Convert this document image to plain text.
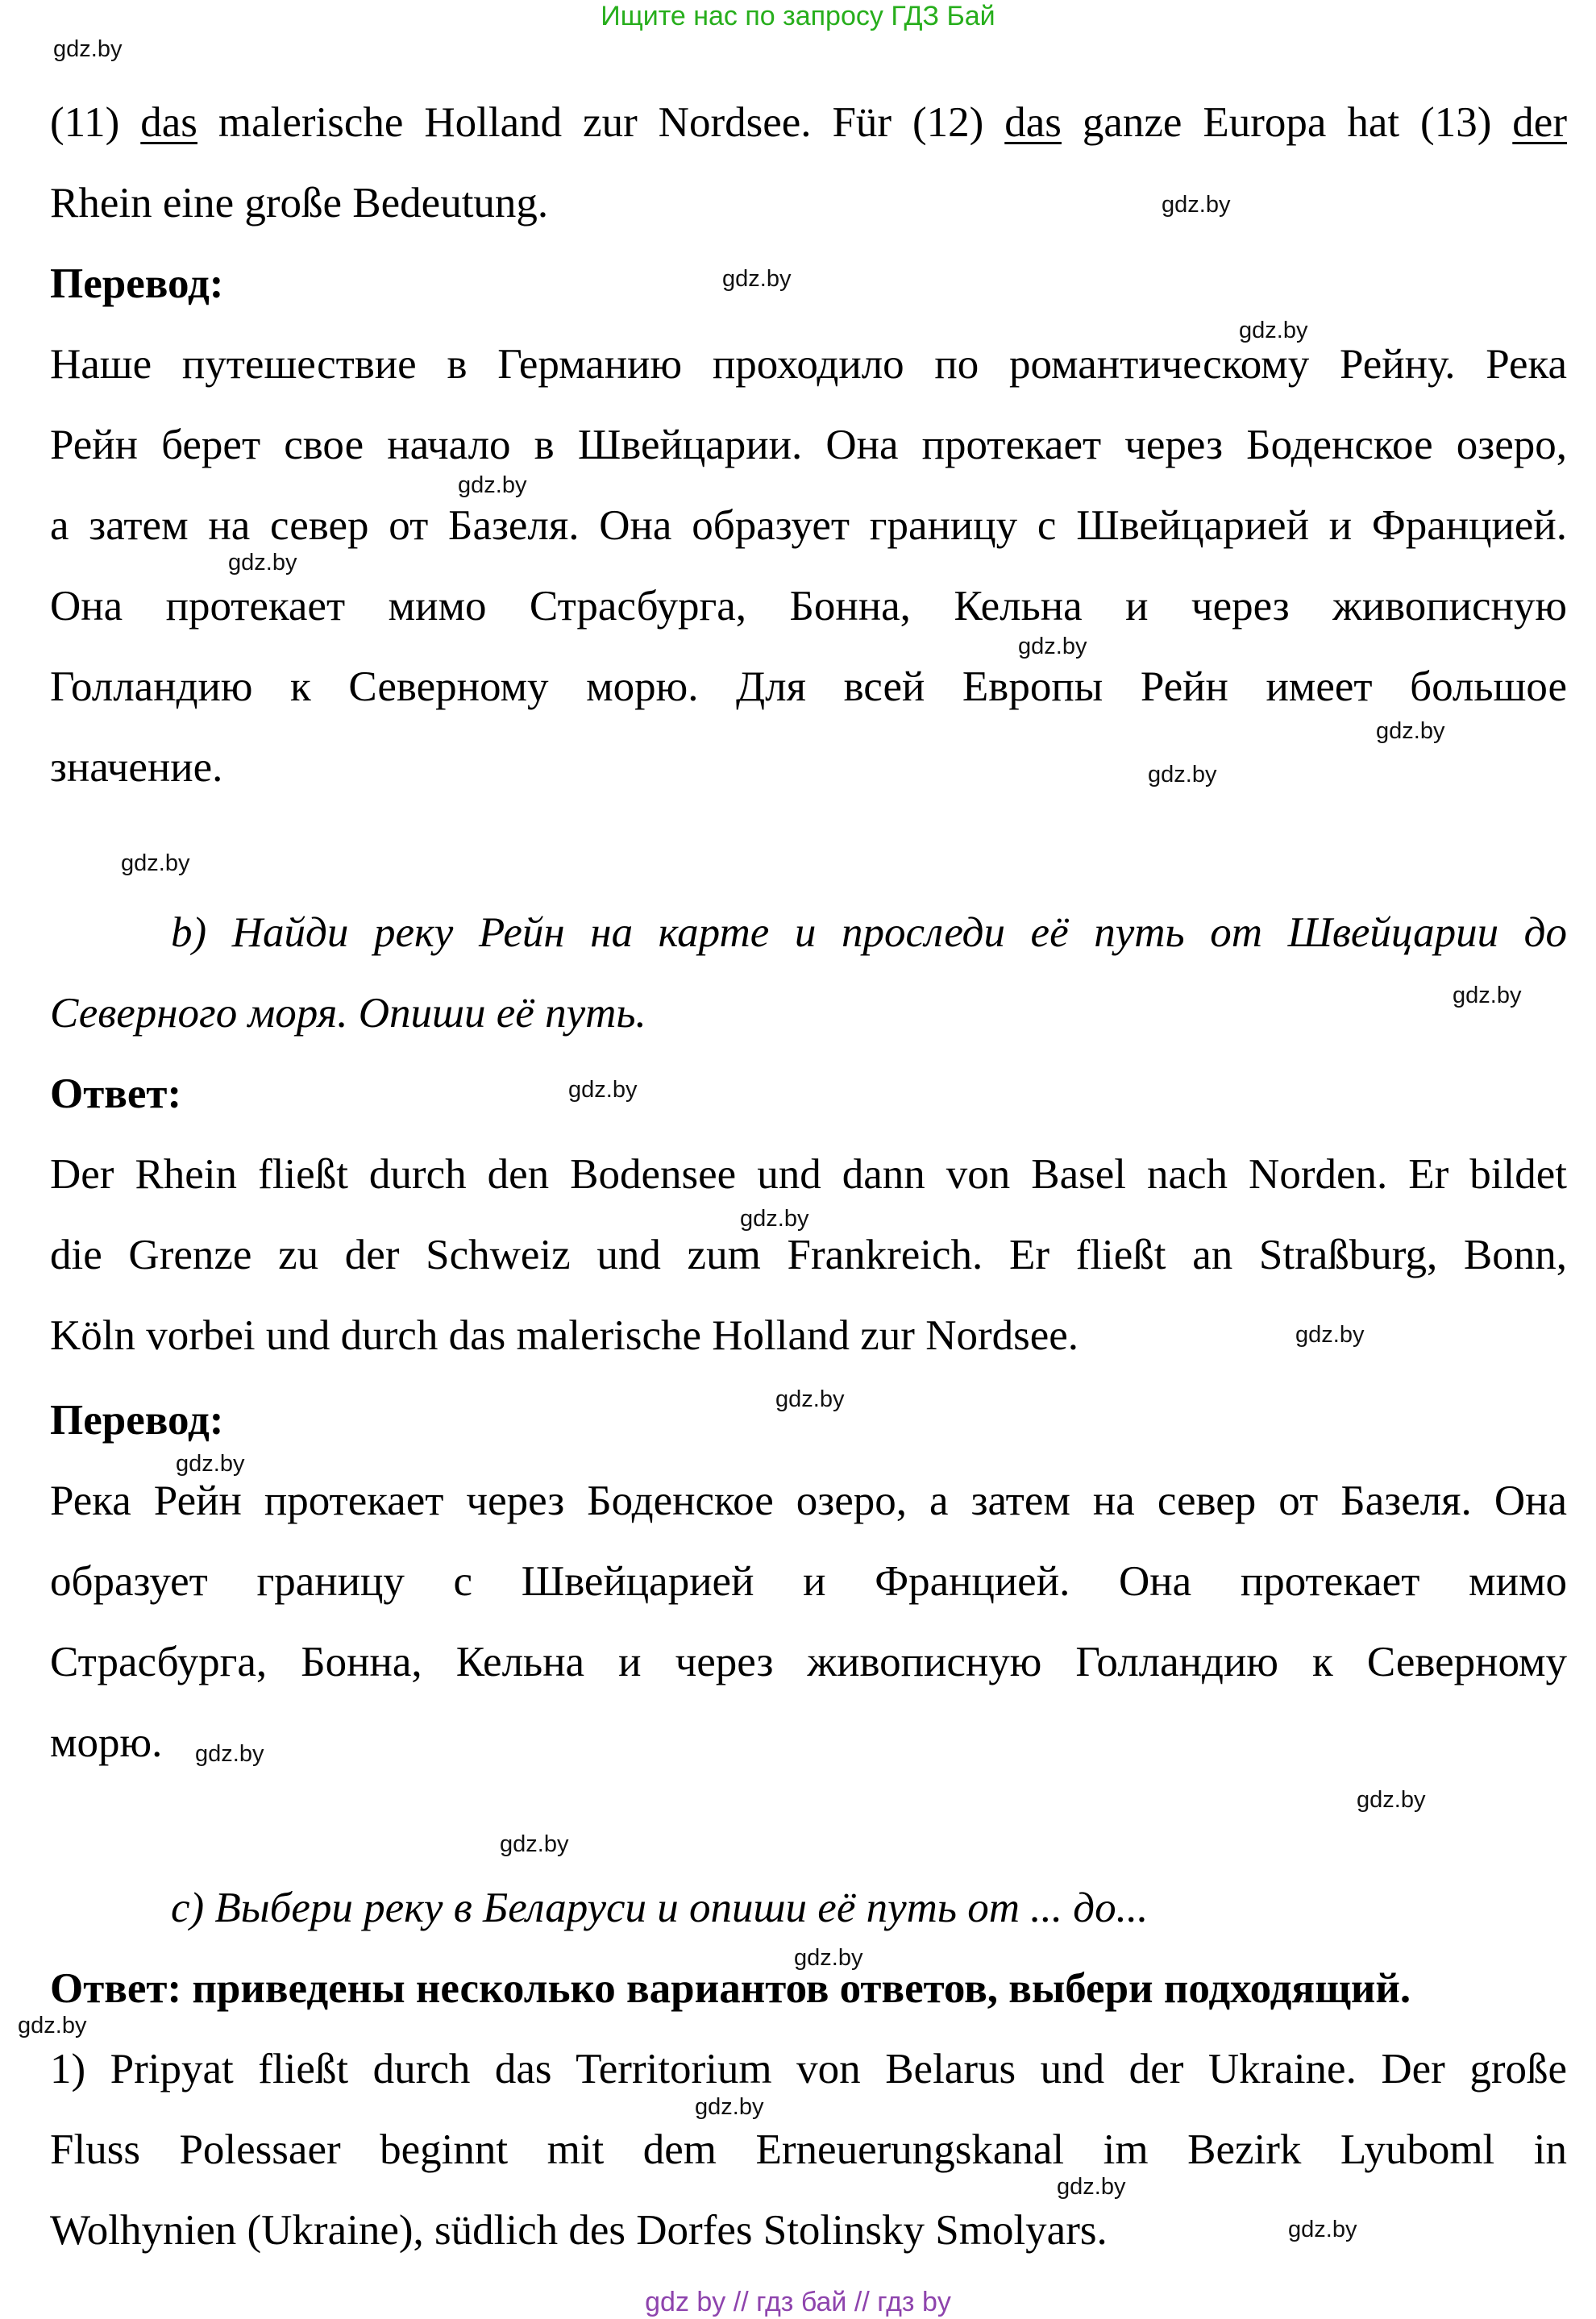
Ищите нас по запросу ГДЗ Бай
gdz by // гдз бай // гдз by
gdz.by
gdz.by
gdz.by
gdz.by
gdz.by
gdz.by
gdz.by
gdz.by
gdz.by
gdz.by
gdz.by
gdz.by
gdz.by
gdz.by
gdz.by
gdz.by
gdz.by
gdz.by
gdz.by
gdz.by
gdz.by
gdz.by
gdz.by
gdz.by
(11) das malerische Holland zur Nordsee. Für (12) das ganze Europa hat (13) der
Rhein eine große Bedeutung.
Перевод:
Наше путешествие в Германию проходило по романтическому Рейну. Река
Рейн берет свое начало в Швейцарии. Она протекает через Боденское озеро,
а затем на север от Базеля. Она образует границу с Швейцарией и Францией.
Она протекает мимо Страсбурга, Бонна, Кельна и через живописную
Голландию к Северному морю. Для всей Европы Рейн имеет большое
значение.
b) Найди реку Рейн на карте и проследи её путь от Швейцарии до
Северного моря. Опиши её путь.
Ответ:
Der Rhein fließt durch den Bodensee und dann von Basel nach Norden. Er bildet
die Grenze zu der Schweiz und zum Frankreich. Er fließt an Straßburg, Bonn,
Köln vorbei und durch das malerische Holland zur Nordsee.
Перевод:
Река Рейн протекает через Боденское озеро, а затем на север от Базеля. Она
образует границу с Швейцарией и Францией. Она протекает мимо
Страсбурга, Бонна, Кельна и через живописную Голландию к Северному
морю.
c) Выбери реку в Беларуси и опиши её путь от ... до...
Ответ: приведены несколько вариантов ответов, выбери подходящий.
1) Pripyat fließt durch das Territorium von Belarus und der Ukraine. Der große
Fluss Polessaer beginnt mit dem Erneuerungskanal im Bezirk Lyuboml in
Wolhynien (Ukraine), südlich des Dorfes Stolinsky Smolyars.
